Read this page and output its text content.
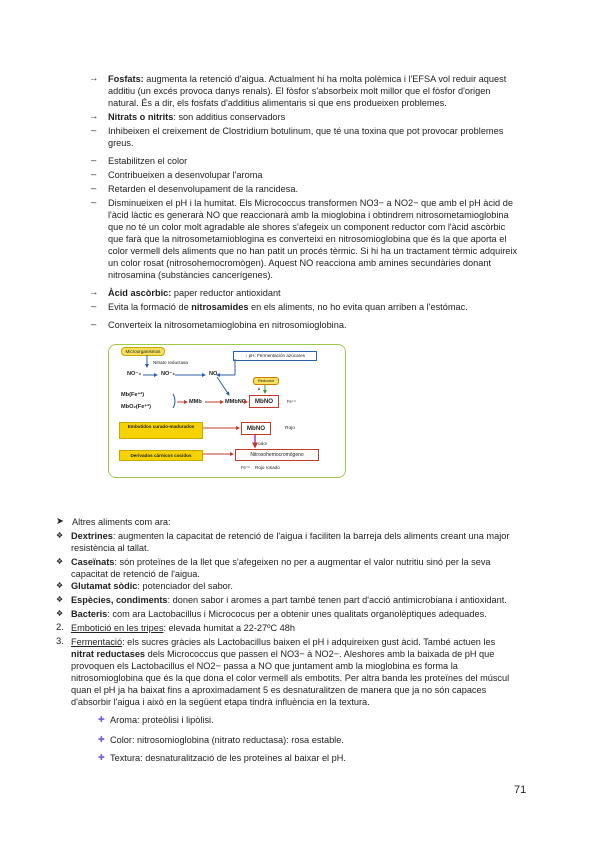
→ Fosfats: augmenta la retenció d'aigua. Actualment hi ha molta polèmica i l'EFSA vol reduir aquest
additiu (un excés provoca danys renals). El fòsfor s'absorbeix molt millor que el fòsfor d'origen
natural. És a dir, els fosfats d'additius alimentaris si que ens produeixen problemes.
→ Nitrats o nitrits: son additius conservadors
– Inhibeixen el creixement de Clostridium botulinum, que té una toxina que pot provocar problemes
greus.
– Estabilitzen el color
– Contribueixen a desenvolupar l'aroma
– Retarden el desenvolupament de la rancidesa.
– Disminueixen el pH i la humitat. Els Micrococcus transformen NO3− a NO2− que amb el pH àcid de
l'àcid làctic es generarà NO que reaccionarà amb la mioglobina i obtindrem nitrosometamioglobina
que no té un color molt agradable ale shores s'afegeix un component reductor com l'àcid ascòrbic
que farà que la nitrosometamioblogina es converteixi en nitrosomioglobina que és la que aporta el
color vermell dels aliments que no han patit un procés tèrmic. Si hi ha un tractament tèrmic adquireix
un color rosat (nitrosohemocromògen). Aquest NO reacciona amb amines secundàries donant
nitrosamina (substàncies cancerígenes).
→ Àcid ascòrbic: paper reductor antioxidant
– Evita la formació de nitrosamides en els aliments, no ho evita quan arriben a l'estómac.
– Converteix la nitrosometamioglobina en nitrosomioglobina.
Microorganismos
Nitrato reductasa
NO⁻₃	NO⁻₂	NO
↓ pH: Fermentación azúcares
Reductor
Mb(Fe⁺²)
MbO₂(Fe⁺²)
MMb	MMbNO	MbNO	Fe⁺³
Embutidos curado-madurados	MbNO	Rojo
calor
Derivados cárnicos cocidos	Nitrosohemocromógeno
Fe⁺³ Rojo rosado
➤ Altres aliments com ara:
❖ Dextrines: augmenten la capacitat de retenció de l'aigua i faciliten la barreja dels aliments creant una major
resistència al tallat.
❖ Caseïnats: són proteïnes de la llet que s'afegeixen no per a augmentar el valor nutritiu sinó per la seva
capacitat de retenció de l'aigua.
❖ Glutamat sòdic: potenciador del sabor.
❖ Espècies, condiments: donen sabor i aromes a part també tenen part d'acció antimicrobiana i antioxidant.
❖ Bacteris: com ara Lactobacillus i Micrococus per a obtenir unes qualitats organolèptiques adequades.
2. Embotició en les tripes: elevada humitat a 22-27ºC 48h
3. Fermentació: els sucres gràcies als Lactobacillus baixen el pH i adquireixen gust àcid. També actuen les
nitrat reductases dels Micrococcus que passen el NO3− à NO2−. Aleshores amb la baixada de pH que
provoquen els Lactobacillus el NO2− passa a NO que juntament amb la mioglobina es forma la
nitrosomioglobina que és la que dona el color vermell als embotits. Per altra banda les proteïnes del múscul
quan el pH ja ha baixat fins a aproximadament 5 es desnaturalitzen de manera que ja no són capaces
d'absorbir l'aigua i això en la següent etapa tindrà influència en la textura.
✚ Aroma: proteòlisi i lipòlisi.
✚ Color: nitrosomioglobina (nitrato reductasa): rosa estable.
✚ Textura: desnaturalització de les proteïnes al baixar el pH.
71
